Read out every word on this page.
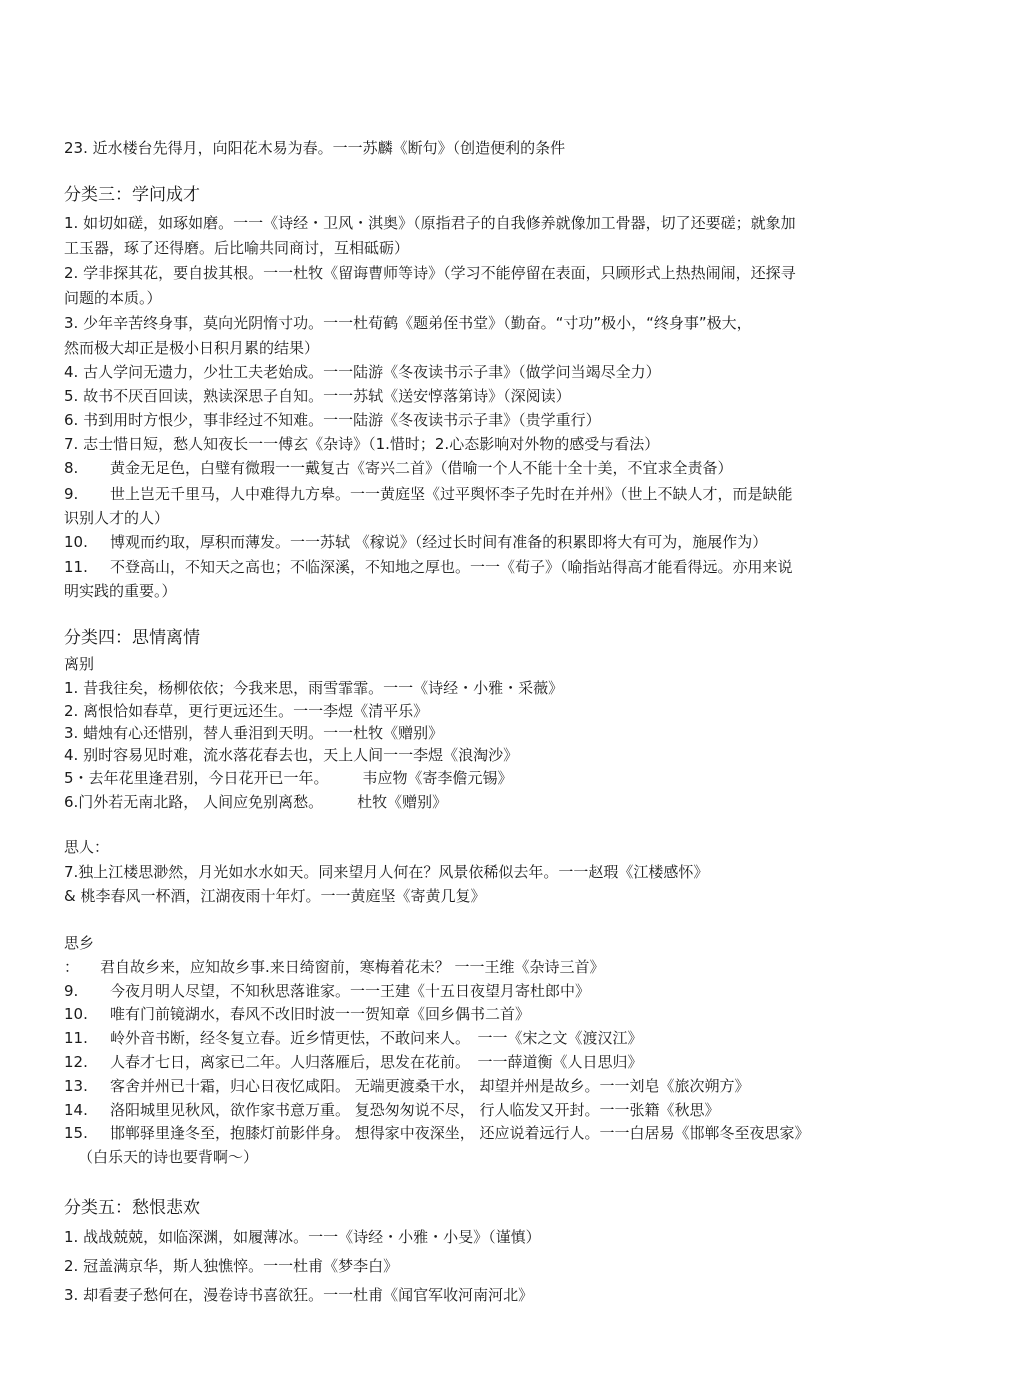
23. 近水楼台先得月，向阳花木易为春。一一苏麟《断句》（创造便利的条件
分类三：学问成才
1. 如切如磋，如琢如磨。一一《诗经・卫风・淇奥》（原指君子的自我修养就像加工骨器，切了还要磋；就象加
工玉器，琢了还得磨。后比喻共同商讨，互相砥砺）
2. 学非探其花，要自拔其根。一一杜牧《留诲曹师等诗》（学习不能停留在表面，只顾形式上热热闹闹，还探寻
问题的本质。）
3. 少年辛苦终身事，莫向光阴惰寸功。一一杜荀鹤《题弟侄书堂》（勤奋。“寸功”极小，“终身事”极大，
然而极大却正是极小日积月累的结果）
4. 古人学问无遗力，少壮工夫老始成。一一陆游《冬夜读书示子聿》（做学问当竭尽全力）
5. 故书不厌百回读，熟读深思子自知。一一苏轼《送安惇落第诗》（深阅读）
6. 书到用时方恨少，事非经过不知难。一一陆游《冬夜读书示子聿》（贵学重行）
7. 志士惜日短，愁人知夜长一一傅玄《杂诗》（1.惜时；2.心态影响对外物的感受与看法）
8. 黄金无足色，白璧有微瑕一一戴复古《寄兴二首》（借喻一个人不能十全十美，不宜求全责备）
9. 世上岂无千里马，人中难得九方皋。一一黄庭坚《过平舆怀李子先时在并州》（世上不缺人才，而是缺能
识别人才的人）
10. 博观而约取，厚积而薄发。一一苏轼 《稼说》（经过长时间有准备的积累即将大有可为，施展作为）
11. 不登高山，不知天之高也；不临深溪，不知地之厚也。一一《荀子》（喻指站得高才能看得远。亦用来说
明实践的重要。）
分类四：思情离情
离别
1. 昔我往矣，杨柳依依；今我来思，雨雪霏霏。一一《诗经・小雅・采薇》
2. 离恨恰如春草，更行更远还生。一一李煜《清平乐》
3. 蜡烛有心还惜别，替人垂泪到天明。一一杜牧《赠别》
4. 别时容易见时难，流水落花春去也，天上人间一一李煜《浪淘沙》
5・去年花里逢君别，今日花开已一年。 韦应物《寄李儋元锡》
6.门外若无南北路， 人间应免别离愁。 杜牧《赠别》
思人：
7.独上江楼思渺然，月光如水水如天。同来望月人何在？风景依稀似去年。一一赵瑕《江楼感怀》
& 桃李春风一杯酒，江湖夜雨十年灯。一一黄庭坚《寄黄几复》
思乡
： 君自故乡来，应知故乡事.来日绮窗前，寒梅着花未？ 一一王维《杂诗三首》
9. 今夜月明人尽望，不知秋思落谁家。一一王建《十五日夜望月寄杜郎中》
10. 唯有门前镜湖水，春风不改旧时波一一贺知章《回乡偶书二首》
11. 岭外音书断，经冬复立春。近乡情更怯，不敢问来人。　一一《宋之文《渡汉江》
12. 人春才七日，离家已二年。人归落雁后，思发在花前。　一一薛道衡《人日思归》
13. 客舍并州已十霜，归心日夜忆咸阳。 无端更渡桑干水， 却望并州是故乡。一一刘皂《旅次朔方》
14. 洛阳城里见秋风，欲作家书意万重。 复恐匆匆说不尽， 行人临发又开封。一一张籍《秋思》
15. 邯郸驿里逢冬至，抱膝灯前影伴身。 想得家中夜深坐， 还应说着远行人。一一白居易《邯郸冬至夜思家》
（白乐天的诗也要背啊～）
分类五：愁恨悲欢
1. 战战兢兢，如临深渊，如履薄冰。一一《诗经・小雅・小旻》（谨慎）
2. 冠盖满京华，斯人独憔悴。一一杜甫《梦李白》
3. 却看妻子愁何在，漫卷诗书喜欲狂。一一杜甫《闻官军收河南河北》
